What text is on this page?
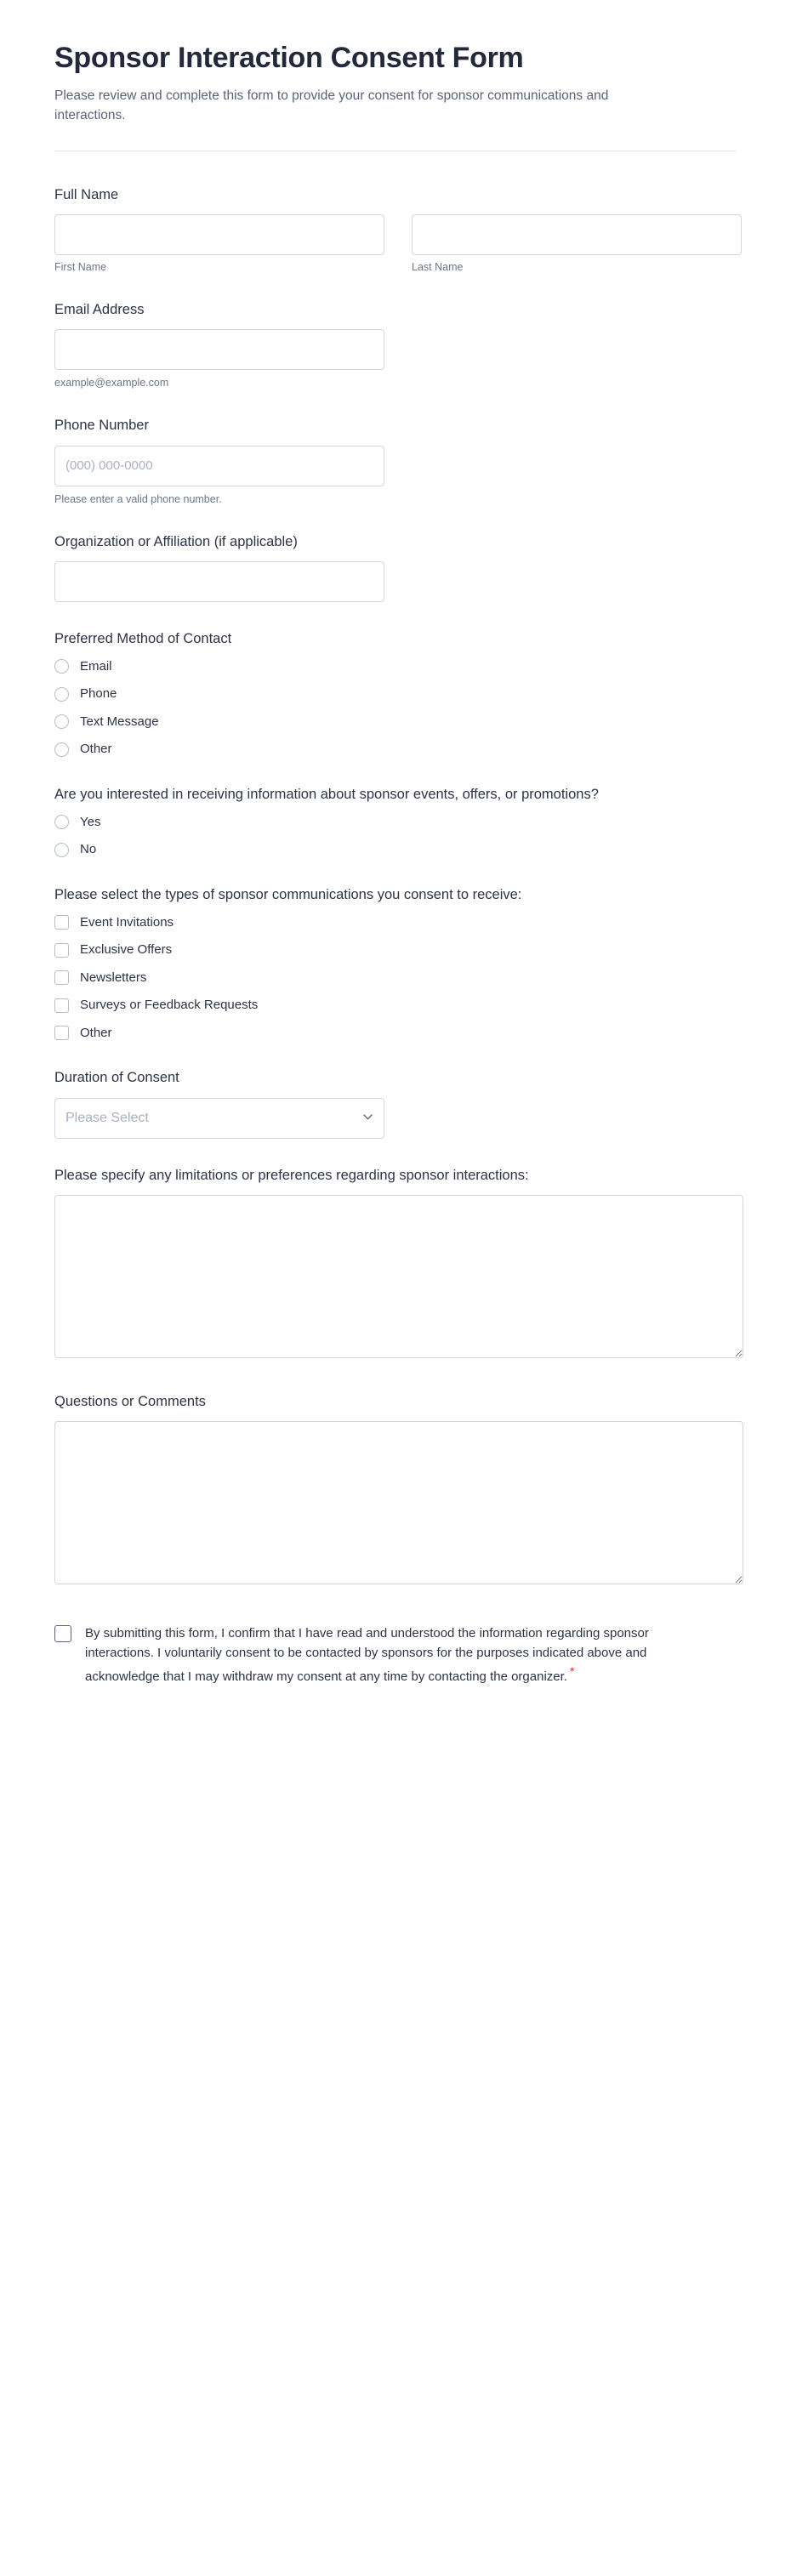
Sponsor Interaction Consent Form

Please review and complete this form to provide your consent for sponsor communications and interactions.

Full Name
First Name	Last Name
Email Address
example@example.com
Phone Number
(000) 000-0000
Please enter a valid phone number.
Organization or Affiliation (if applicable)
Preferred Method of Contact
Email
Phone
Text Message
Other
Are you interested in receiving information about sponsor events, offers, or promotions?
Yes
No
Please select the types of sponsor communications you consent to receive:
Event Invitations
Exclusive Offers
Newsletters
Surveys or Feedback Requests
Other
Duration of Consent
Please Select
Please specify any limitations or preferences regarding sponsor interactions:
Questions or Comments
By submitting this form, I confirm that I have read and understood the information regarding sponsor interactions. I voluntarily consent to be contacted by sponsors for the purposes indicated above and acknowledge that I may withdraw my consent at any time by contacting the organizer. *
